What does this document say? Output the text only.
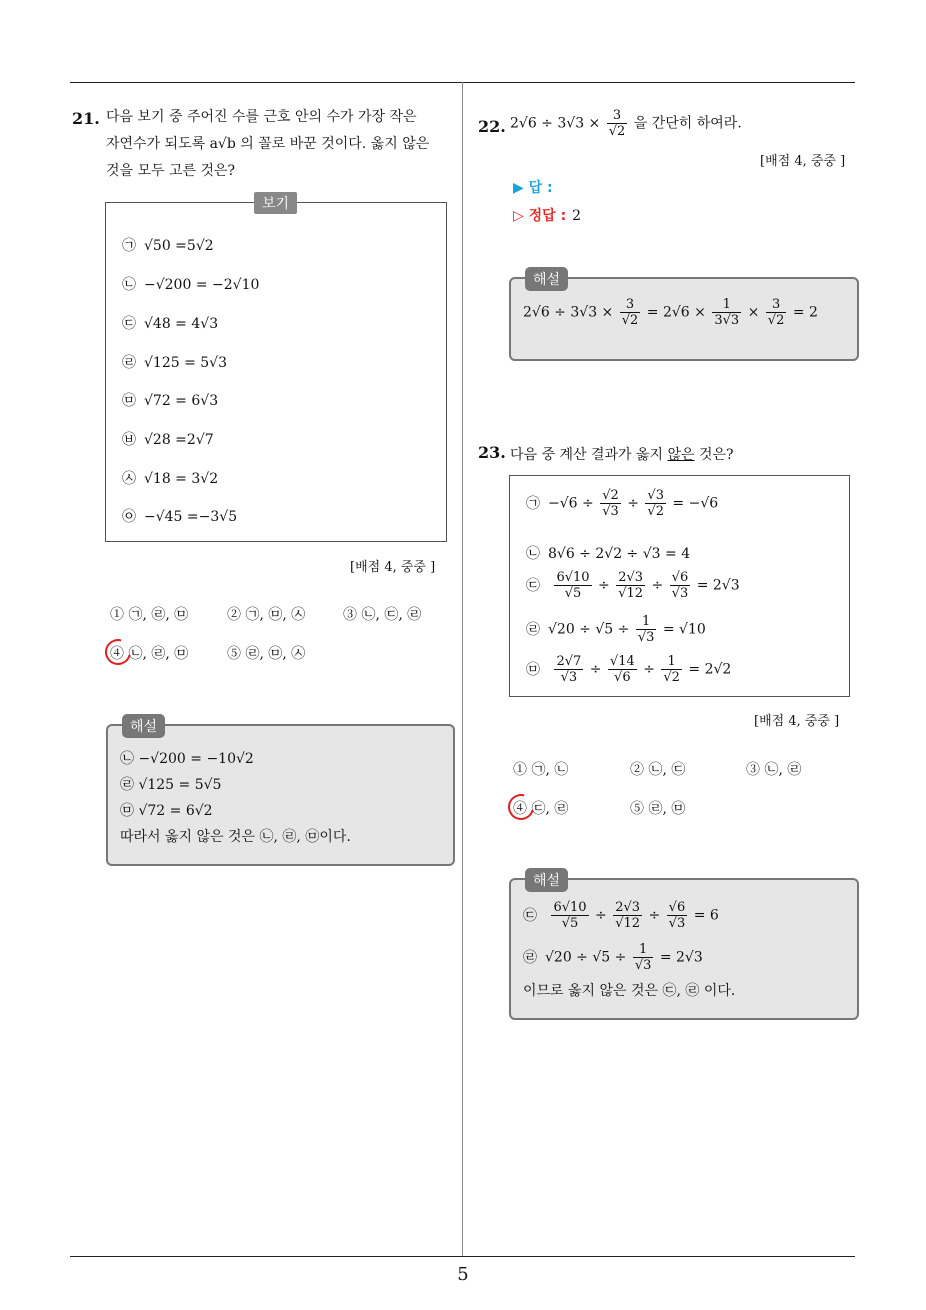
5
21. 다음 보기 중 주어진 수를 근호 안의 수가 가장 작은
자연수가 되도록 a√b 의 꼴로 바꾼 것이다. 옳지 않은
것을 모두 고른 것은?
보기
㉠ √50 =5√2
㉡ −√200 = −2√10
㉢ √48 = 4√3
㉣ √125 = 5√3
㉤ √72 = 6√3
㉥ √28 =2√7
㉦ √18 = 3√2
㉧ −√45 =−3√5
[배점 4, 중중 ]
① ㉠, ㉣, ㉤	② ㉠, ㉤, ㉦	③ ㉡, ㉢, ㉣
④ ㉡, ㉣, ㉤	⑤ ㉣, ㉤, ㉦
해설
㉡ −√200 = −10√2
㉣ √125 = 5√5
㉤ √72 = 6√2
따라서 옳지 않은 것은 ㉡, ㉣, ㉤이다.
22. $2√6 \div 3√3 \times \frac{3}{√2}$ 을 간단히 하여라.
[배점 4, 중중 ]
▶ 답 :
▷ 정답 : 2
해설
$2√6 \div 3√3 \times \frac{3}{√2} = 2√6 \times \frac{1}{3√3} \times \frac{3}{√2} = 2$
23. 다음 중 계산 결과가 옳지 않은 것은?
㉠ $-√6 \div \frac{√2}{√3} \div \frac{√3}{√2} = -√6$
㉡ 8√6 ÷ 2√2 ÷ √3 = 4
㉢ $\frac{6√10}{√5} \div \frac{2√3}{√12} \div \frac{√6}{√3} = 2√3$
㉣ $√20 \div √5 \div \frac{1}{√3} = √10$
㉤ $\frac{2√7}{√3} \div \frac{√14}{√6} \div \frac{1}{√2} = 2√2$
[배점 4, 중중 ]
① ㉠, ㉡	② ㉡, ㉢	③ ㉡, ㉣
④ ㉢, ㉣	⑤ ㉣, ㉤
해설
㉢ $\frac{6√10}{√5} \div \frac{2√3}{√12} \div \frac{√6}{√3} = 6$
㉣ $√20 \div √5 \div \frac{1}{√3} = 2√3$
이므로 옳지 않은 것은 ㉢, ㉣ 이다.
